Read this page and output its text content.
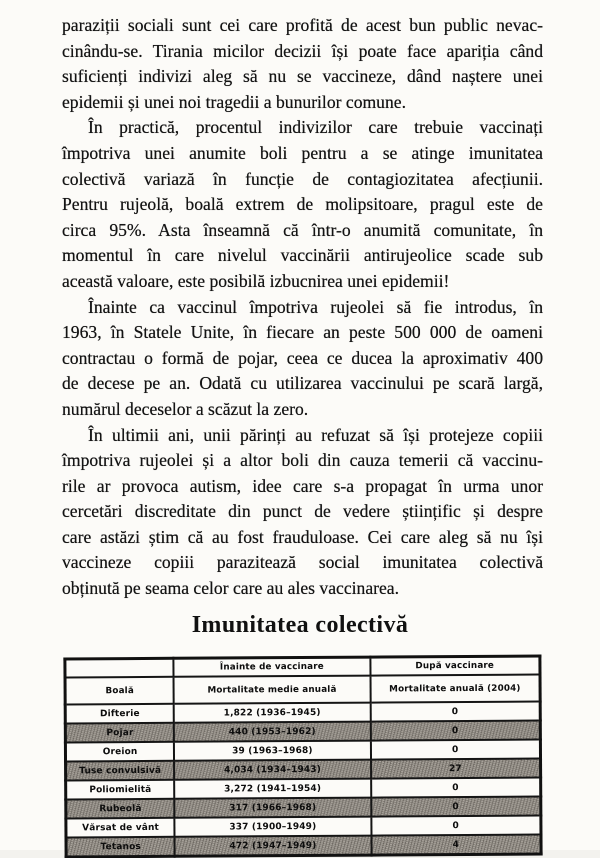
paraziții sociali sunt cei care profită de acest bun public nevac-
cinându-se. Tirania micilor decizii își poate face apariția când
suficienți indivizi aleg să nu se vaccineze, dând naștere unei
epidemii și unei noi tragedii a bunurilor comune.
În practică, procentul indivizilor care trebuie vaccinați
împotriva unei anumite boli pentru a se atinge imunitatea
colectivă variază în funcție de contagiozitatea afecțiunii.
Pentru rujeolă, boală extrem de molipsitoare, pragul este de
circa 95%. Asta înseamnă că într-o anumită comunitate, în
momentul în care nivelul vaccinării antirujeolice scade sub
această valoare, este posibilă izbucnirea unei epidemii!
Înainte ca vaccinul împotriva rujeolei să fie introdus, în
1963, în Statele Unite, în fiecare an peste 500 000 de oameni
contractau o formă de pojar, ceea ce ducea la aproximativ 400
de decese pe an. Odată cu utilizarea vaccinului pe scară largă,
numărul deceselor a scăzut la zero.
În ultimii ani, unii părinți au refuzat să își protejeze copiii
împotriva rujeolei și a altor boli din cauza temerii că vaccinu-
rile ar provoca autism, idee care s-a propagat în urma unor
cercetări discreditate din punct de vedere științific și despre
care astăzi știm că au fost frauduloase. Cei care aleg să nu își
vaccineze copiii parazitează social imunitatea colectivă
obținută pe seama celor care au ales vaccinarea.
Imunitatea colectivă
	Înainte de vaccinare	După vaccinare
Boală	Mortalitate medie anuală	Mortalitate anuală (2004)
Difterie	1,822 (1936–1945)	0
Pojar	440 (1953–1962)	0
Oreion	39 (1963–1968)	0
Tuse convulsivă	4,034 (1934–1943)	27
Poliomielită	3,272 (1941–1954)	0
Rubeolă	317 (1966–1968)	0
Vărsat de vânt	337 (1900–1949)	0
Tetanos	472 (1947–1949)	4
